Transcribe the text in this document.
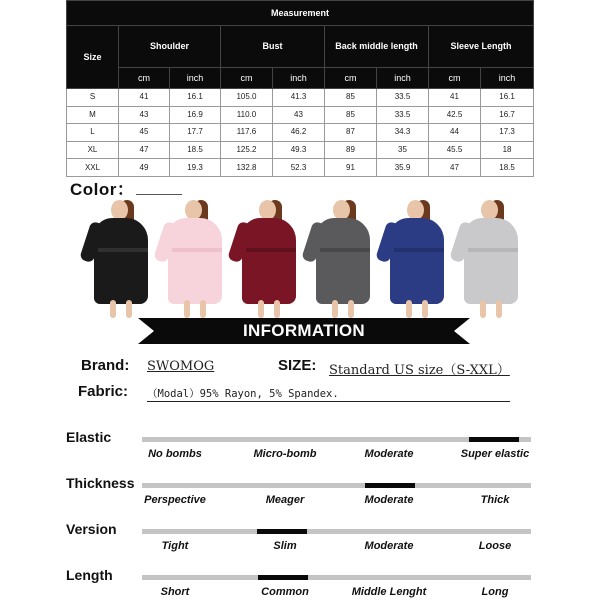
Measurement								
Size	Shoulder		Bust		Back middle length		Sleeve Length	
	cm	inch	cm	inch	cm	inch	cm	inch
S	41	16.1	105.0	41.3	85	33.5	41	16.1
M	43	16.9	110.0	43	85	33.5	42.5	16.7
L	45	17.7	117.6	46.2	87	34.3	44	17.3
XL	47	18.5	125.2	49.3	89	35	45.5	18
XXL	49	19.3	132.8	52.3	91	35.9	47	18.5
Color：
INFORMATION
Brand: SWOMOG	SIZE: Standard US size（S-XXL）
Fabric: （Modal）95% Rayon, 5% Spandex.
Elastic
No bombs	Micro-bomb	Moderate	Super elastic
Thickness
Perspective	Meager	Moderate	Thick
Version
Tight	Slim	Moderate	Loose
Length
Short	Common	Middle Lenght	Long
